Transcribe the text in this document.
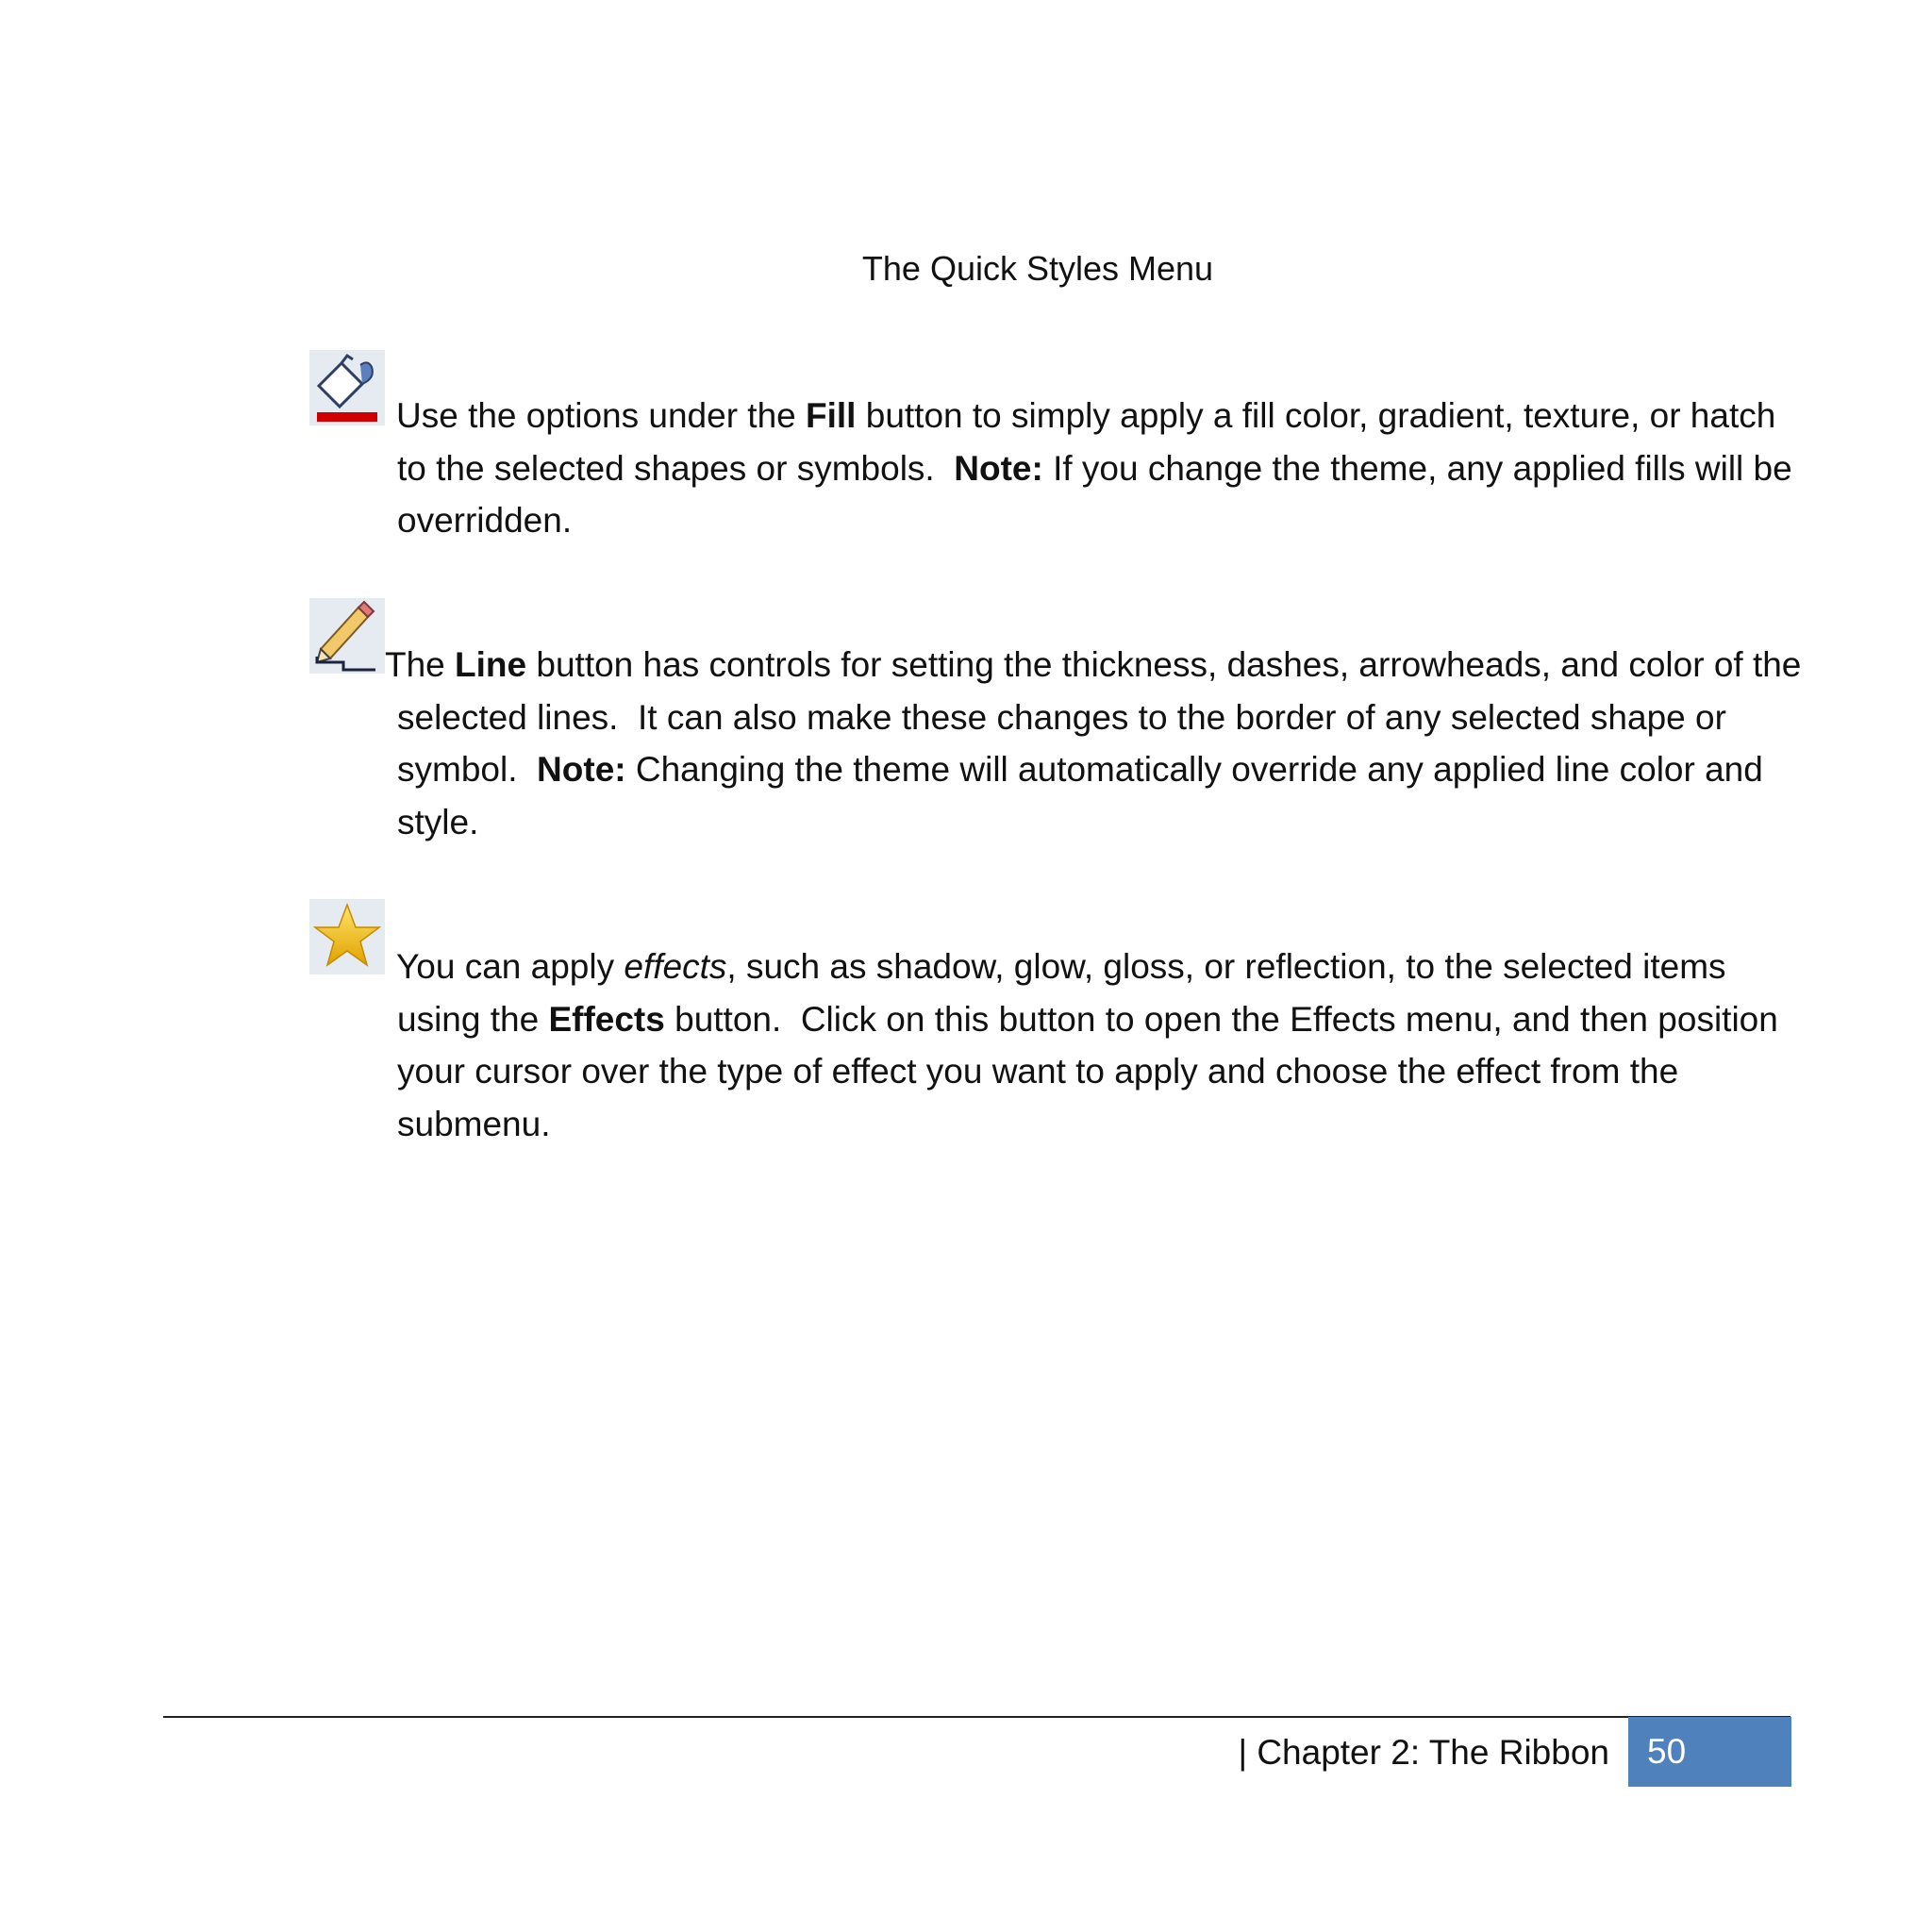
The Quick Styles Menu
Use the options under the Fill button to simply apply a fill color, gradient, texture, or hatch
to the selected shapes or symbols.  Note: If you change the theme, any applied fills will be
overridden.
The Line button has controls for setting the thickness, dashes, arrowheads, and color of the
selected lines.  It can also make these changes to the border of any selected shape or
symbol.  Note: Changing the theme will automatically override any applied line color and
style.
You can apply effects, such as shadow, glow, gloss, or reflection, to the selected items
using the Effects button.  Click on this button to open the Effects menu, and then position
your cursor over the type of effect you want to apply and choose the effect from the
submenu.
| Chapter 2: The Ribbon	50
